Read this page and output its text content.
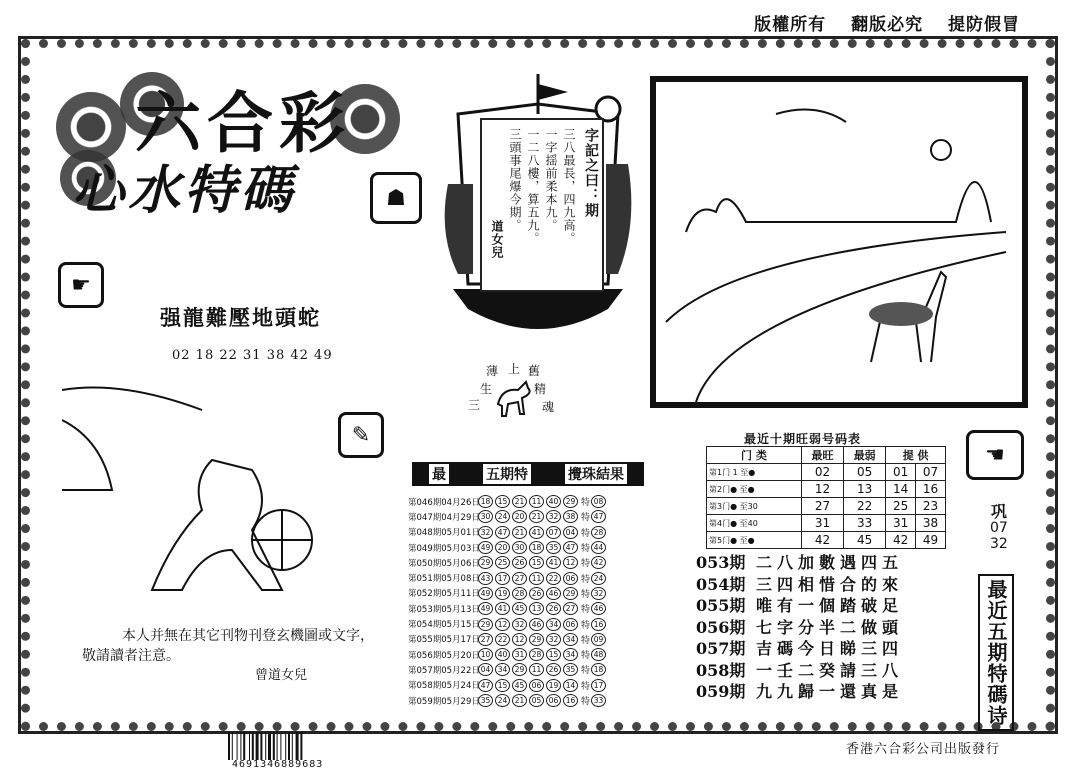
版權所有 翻版必究 提防假冒
六合彩
心水特碼	☗
☛
强龍難壓地頭蛇
02 18 22 31 38 42 49
字記之曰：期
三八最長，四九高。
一字揺前柔本九。
一二八樓，算五九。
三頭事尾爆今期。
道女兒
薄 上 舊
生	精
三	魂
✎
本人并無在其它刊物刊登玄機圖或文字，
敬請讀者注意。
曾道女兒
最	五期特	攪珠結果
第046期04月26日 18 15 21 11 40 29 特 08
第047期04月29日 30 24 20 21 32 38 特 47
第048期05月01日 32 47 21 41 07 04 特 28
第049期05月03日 49 20 30 18 35 47 特 44
第050期05月06日 29 25 26 15 41 12 特 42
第051期05月08日 43 17 27 11 22 06 特 24
第052期05月11日 49 19 28 26 46 29 特 32
第053期05月13日 49 41 45 13 26 27 特 46
第054期05月15日 29 12 32 46 34 06 特 16
第055期05月17日 27 22 12 29 32 34 特 09
第056期05月20日 10 40 31 28 15 34 特 48
第057期05月22日 04 34 29 11 26 35 特 18
第058期05月24日 47 15 45 06 19 14 特 17
第059期05月29日 35 24 21 05 06 16 特 33
最近十期旺弱号码表
门 类	最旺	最弱	提 供	
第1门 1 至●	02	05	01	07
第2门● 至●	12	13	14	16
第3门● 至30	27	22	25	23
第4门● 至40	31	33	31	38
第5门● 至●	42	45	42	49
☚
巩
07
32
最近五期特碼诗
053期 二八加數遇四五
054期 三四相惜合的來
055期 唯有一個踏破足
056期 七字分半二做頭
057期 吉碼今日睇三四
058期 一壬二癸請三八
059期 九九歸一還真是
4691346889683
香港六合彩公司出版發行
